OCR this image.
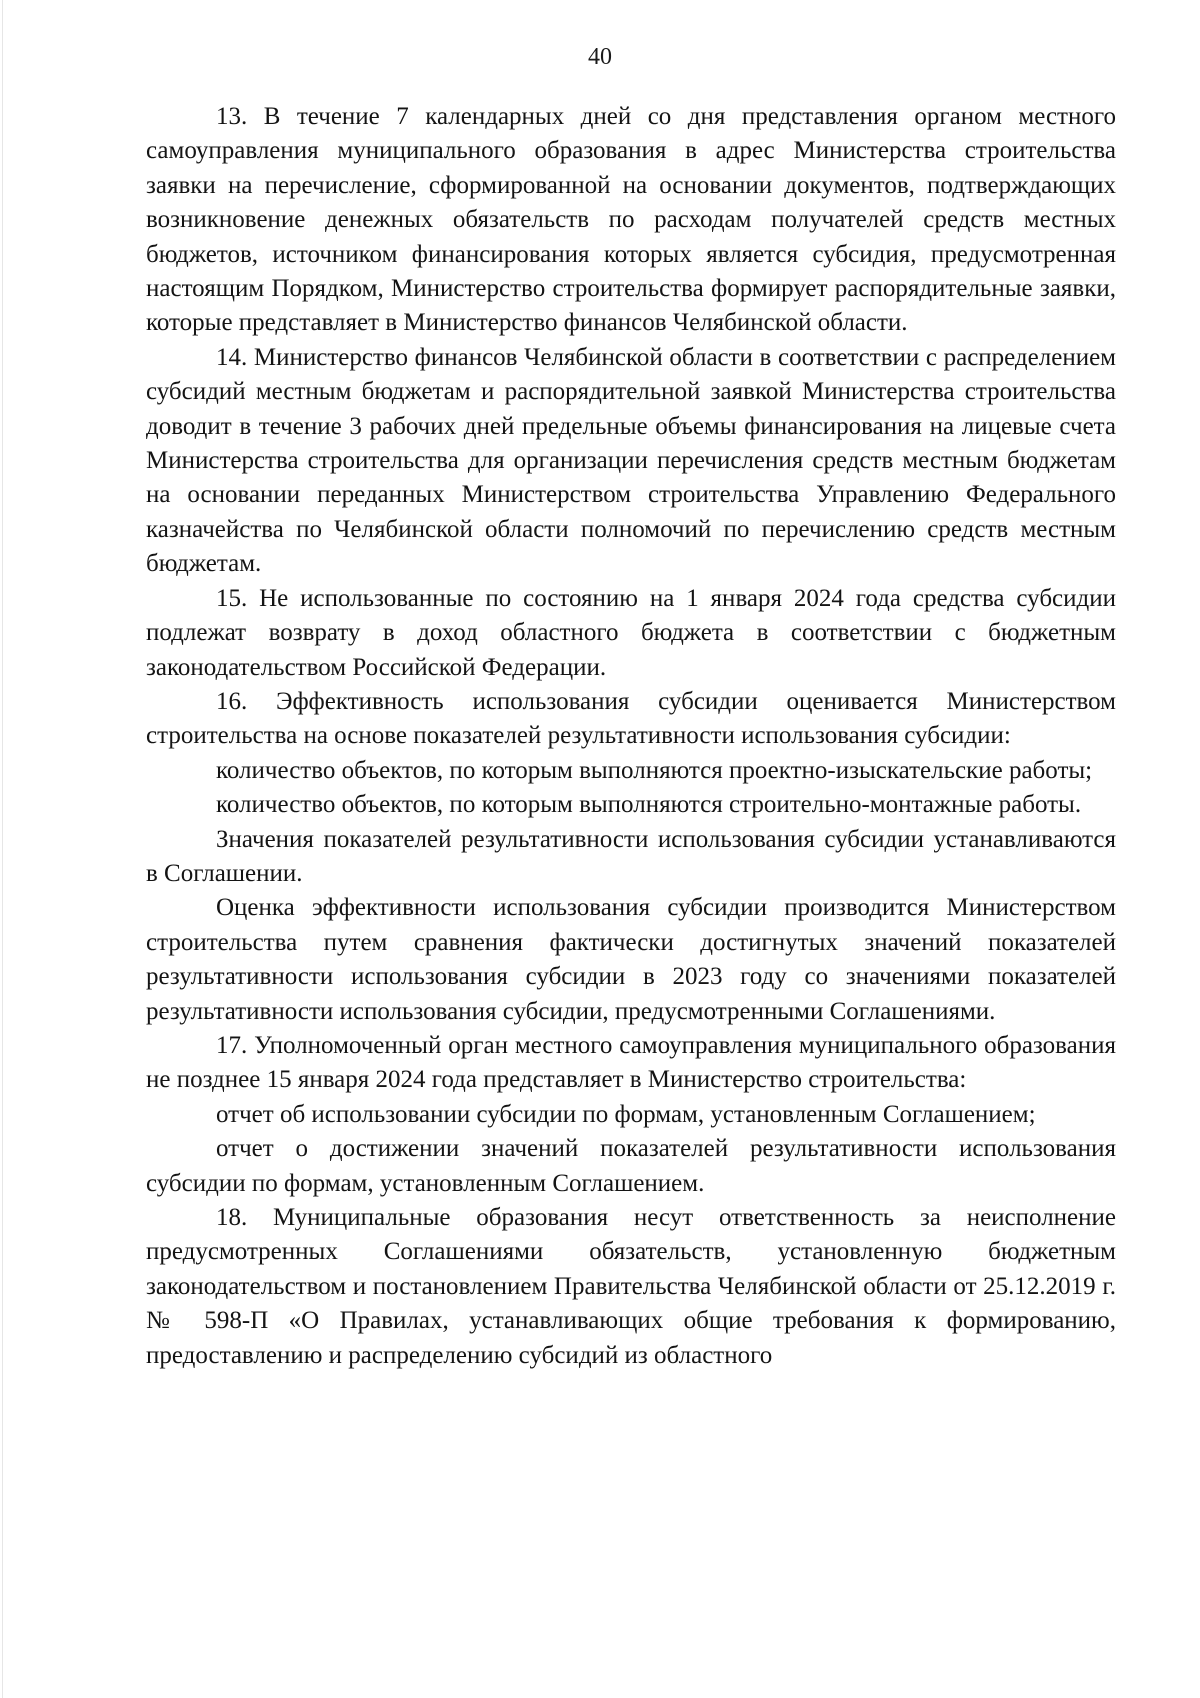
40

13. В течение 7 календарных дней со дня представления органом местного самоуправления муниципального образования в адрес Министерства строительства заявки на перечисление, сформированной на основании документов, подтверждающих возникновение денежных обязательств по расходам получателей средств местных бюджетов, источником финансирования которых является субсидия, предусмотренная настоящим Порядком, Министерство строительства формирует распорядительные заявки, которые представляет в Министерство финансов Челябинской области.

14. Министерство финансов Челябинской области в соответствии с распределением субсидий местным бюджетам и распорядительной заявкой Министерства строительства доводит в течение 3 рабочих дней предельные объемы финансирования на лицевые счета Министерства строительства для организации перечисления средств местным бюджетам на основании переданных Министерством строительства Управлению Федерального казначейства по Челябинской области полномочий по перечислению средств местным бюджетам.

15. Не использованные по состоянию на 1 января 2024 года средства субсидии подлежат возврату в доход областного бюджета в соответствии с бюджетным законодательством Российской Федерации.

16. Эффективность использования субсидии оценивается Министерством строительства на основе показателей результативности использования субсидии:

количество объектов, по которым выполняются проектно-изыскательские работы;

количество объектов, по которым выполняются строительно-монтажные работы.

Значения показателей результативности использования субсидии устанавливаются в Соглашении.

Оценка эффективности использования субсидии производится Министерством строительства путем сравнения фактически достигнутых значений показателей результативности использования субсидии в 2023 году со значениями показателей результативности использования субсидии, предусмотренными Соглашениями.

17. Уполномоченный орган местного самоуправления муниципального образования не позднее 15 января 2024 года представляет в Министерство строительства:

отчет об использовании субсидии по формам, установленным Соглашением;

отчет о достижении значений показателей результативности использования субсидии по формам, установленным Соглашением.

18. Муниципальные образования несут ответственность за неисполнение предусмотренных Соглашениями обязательств, установленную бюджетным законодательством и постановлением Правительства Челябинской области от 25.12.2019 г. № 598-П «О Правилах, устанавливающих общие требования к формированию, предоставлению и распределению субсидий из областного
